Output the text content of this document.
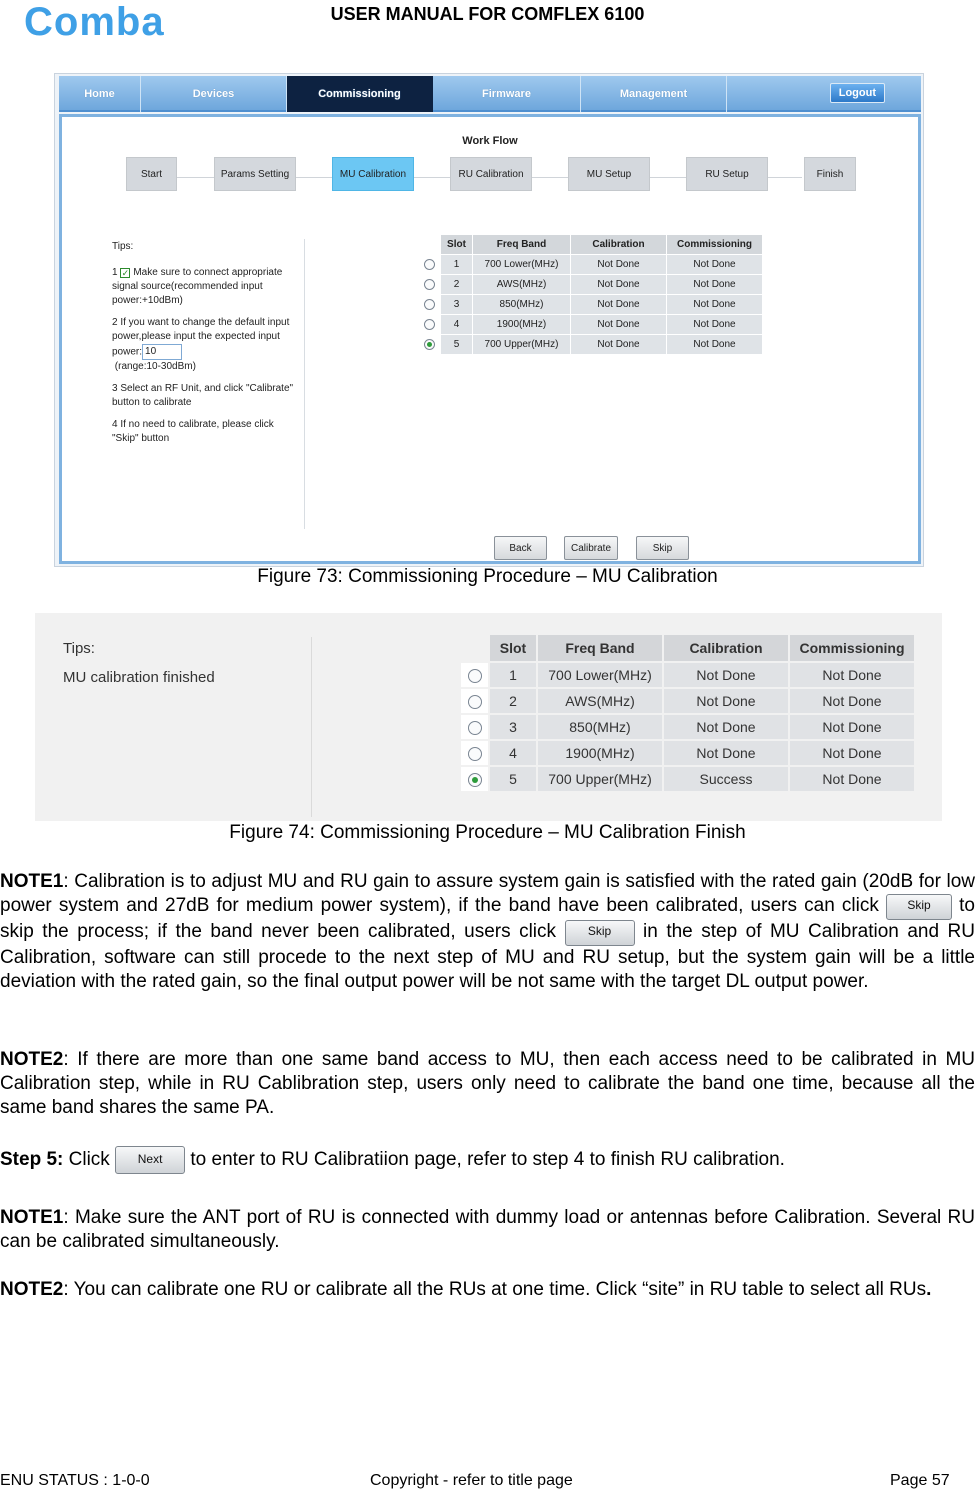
Comba	USER MANUAL FOR COMFLEX 6100
Home	Devices	Commissioning	Firmware	Management	Logout
Work Flow
Start	Params Setting	MU Calibration	RU Calibration	MU Setup	RU Setup	Finish

Tips:

1 ✓ Make sure to connect appropriate signal source(recommended input power:+10dBm)

2 If you want to change the default input power,please input the expected input power: 10
(range:10-30dBm)

3 Select an RF Unit, and click "Calibrate" button to calibrate

4 If no need to calibrate, please click "Skip" button

	Slot	Freq Band	Calibration	Commissioning
	1	700 Lower(MHz)	Not Done	Not Done
	2	AWS(MHz)	Not Done	Not Done
	3	850(MHz)	Not Done	Not Done
	4	1900(MHz)	Not Done	Not Done
	5	700 Upper(MHz)	Not Done	Not Done
Back	Calibrate	Skip
Figure 73: Commissioning Procedure – MU Calibration
Tips:
MU calibration finished
	Slot	Freq Band	Calibration	Commissioning
	1	700 Lower(MHz)	Not Done	Not Done
	2	AWS(MHz)	Not Done	Not Done
	3	850(MHz)	Not Done	Not Done
	4	1900(MHz)	Not Done	Not Done
	5	700 Upper(MHz)	Success	Not Done
Figure 74: Commissioning Procedure – MU Calibration Finish
NOTE1: Calibration is to adjust MU and RU gain to assure system gain is satisfied with the rated gain (20dB for low power system and 27dB for medium power system), if the band have been calibrated, users can click Skip to skip the process; if the band never been calibrated, users click	Skip in the step of MU Calibration and RU Calibration, software can still procede to the next step of MU and RU setup, but the system gain will be a little deviation with the rated gain, so the final output power will be not same with the target DL output power.
NOTE2: If there are more than one same band access to MU, then each access need to be calibrated in MU Calibration step, while in RU Cablibration step, users only need to calibrate the band one time, because all the same band shares the same PA.
Step 5: Click Next to enter to RU Calibratiion page, refer to step 4 to finish RU calibration.
NOTE1: Make sure the ANT port of RU is connected with dummy load or antennas before Calibration. Several RU can be calibrated simultaneously.
NOTE2: You can calibrate one RU or calibrate all the RUs at one time. Click “site” in RU table to select all RUs.
ENU STATUS : 1-0-0	Copyright - refer to title page	Page 57
